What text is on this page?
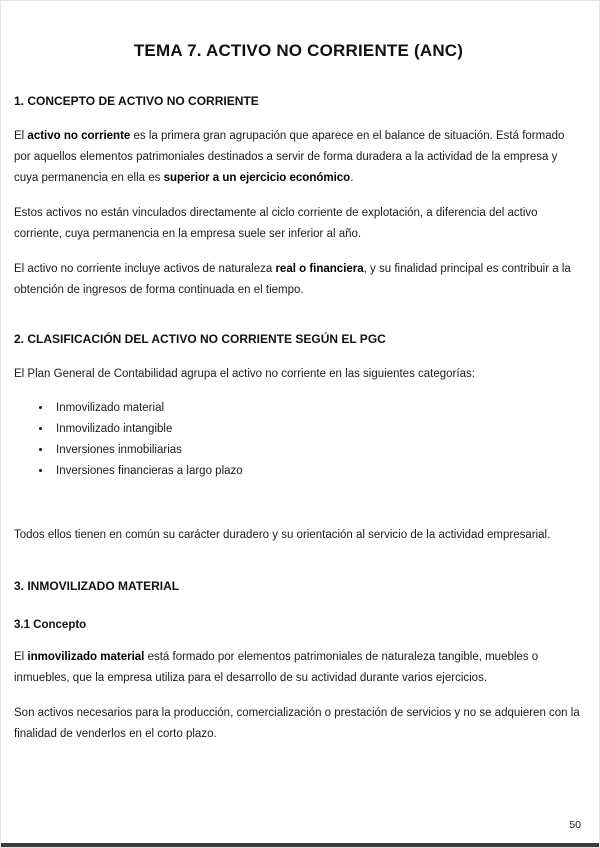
TEMA 7. ACTIVO NO CORRIENTE (ANC)
1. CONCEPTO DE ACTIVO NO CORRIENTE

El activo no corriente es la primera gran agrupación que aparece en el balance de situación. Está formado por aquellos elementos patrimoniales destinados a servir de forma duradera a la actividad de la empresa y cuya permanencia en ella es superior a un ejercicio económico.

Estos activos no están vinculados directamente al ciclo corriente de explotación, a diferencia del activo corriente, cuya permanencia en la empresa suele ser inferior al año.

El activo no corriente incluye activos de naturaleza real o financiera, y su finalidad principal es contribuir a la obtención de ingresos de forma continuada en el tiempo.

2. CLASIFICACIÓN DEL ACTIVO NO CORRIENTE SEGÚN EL PGC

El Plan General de Contabilidad agrupa el activo no corriente en las siguientes categorías:

• Inmovilizado material
• Inmovilizado intangible
• Inversiones inmobiliarias
• Inversiones financieras a largo plazo

Todos ellos tienen en común su carácter duradero y su orientación al servicio de la actividad empresarial.

3. INMOVILIZADO MATERIAL
3.1 Concepto

El inmovilizado material está formado por elementos patrimoniales de naturaleza tangible, muebles o inmuebles, que la empresa utiliza para el desarrollo de su actividad durante varios ejercicios.

Son activos necesarios para la producción, comercialización o prestación de servicios y no se adquieren con la finalidad de venderlos en el corto plazo.

50
